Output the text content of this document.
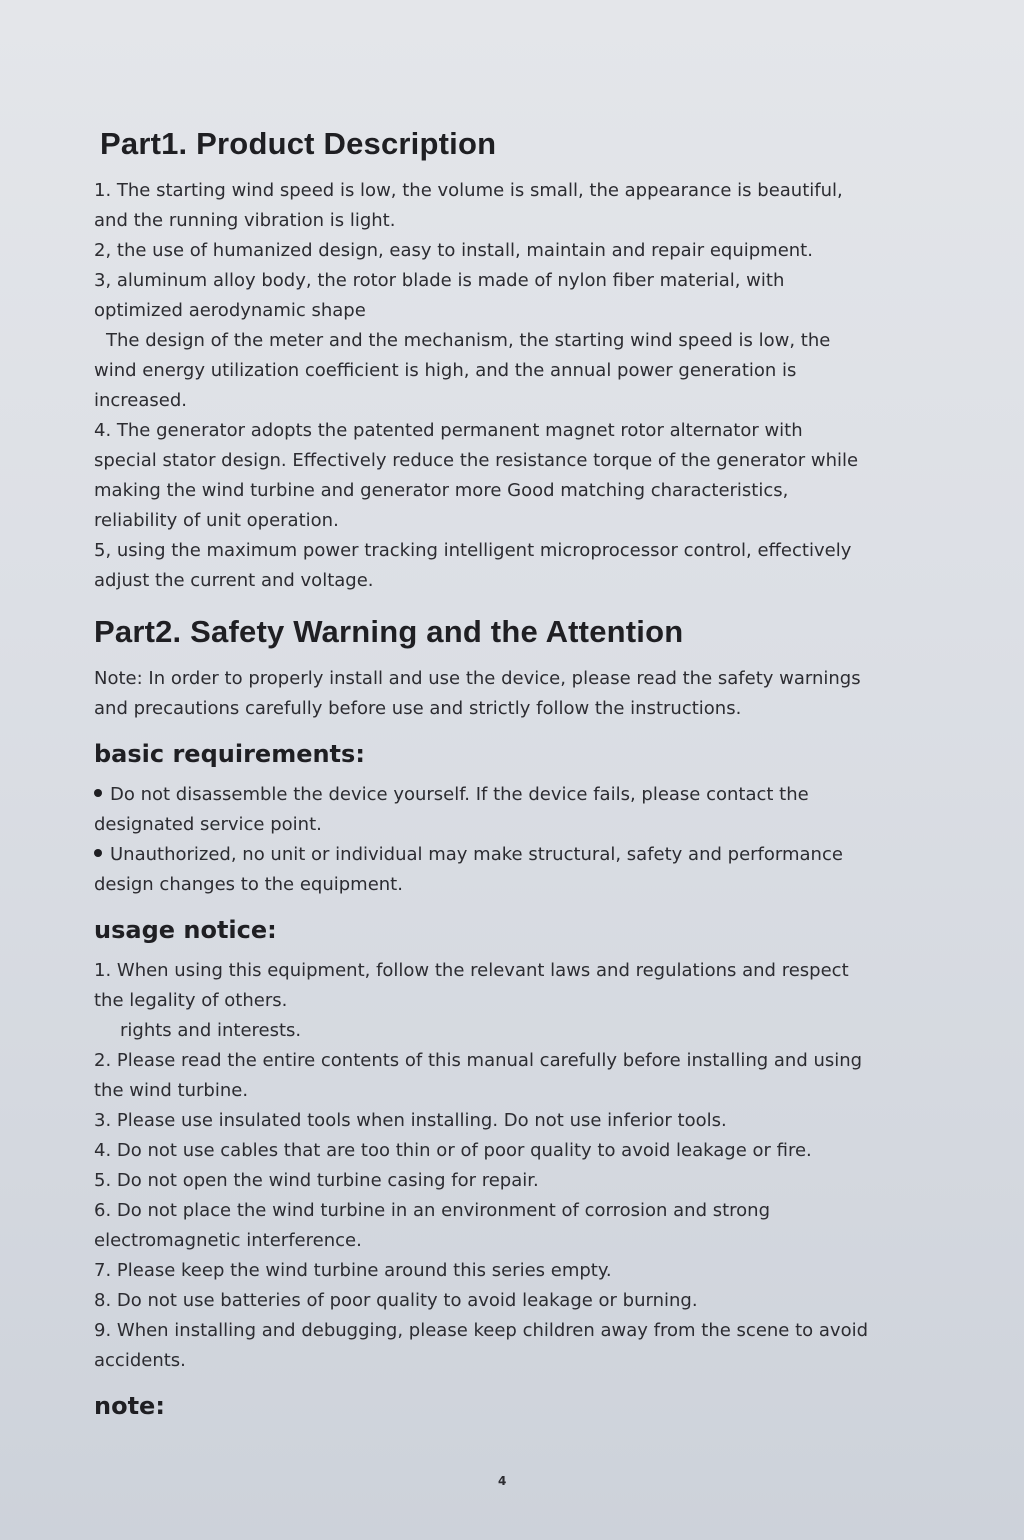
Part1. Product Description

1. The starting wind speed is low, the volume is small, the appearance is beautiful,

and the running vibration is light.

2, the use of humanized design, easy to install, maintain and repair equipment.

3, aluminum alloy body, the rotor blade is made of nylon fiber material, with

optimized aerodynamic shape

The design of the meter and the mechanism, the starting wind speed is low, the

wind energy utilization coefficient is high, and the annual power generation is

increased.

4. The generator adopts the patented permanent magnet rotor alternator with

special stator design. Effectively reduce the resistance torque of the generator while

making the wind turbine and generator more Good matching characteristics,

reliability of unit operation.

5, using the maximum power tracking intelligent microprocessor control, effectively

adjust the current and voltage.

Part2. Safety Warning and the Attention

Note: In order to properly install and use the device, please read the safety warnings

and precautions carefully before use and strictly follow the instructions.

basic requirements:

Do not disassemble the device yourself. If the device fails, please contact the

designated service point.

Unauthorized, no unit or individual may make structural, safety and performance

design changes to the equipment.

usage notice:

1. When using this equipment, follow the relevant laws and regulations and respect

the legality of others.

rights and interests.

2. Please read the entire contents of this manual carefully before installing and using

the wind turbine.

3. Please use insulated tools when installing. Do not use inferior tools.

4. Do not use cables that are too thin or of poor quality to avoid leakage or fire.

5. Do not open the wind turbine casing for repair.

6. Do not place the wind turbine in an environment of corrosion and strong

electromagnetic interference.

7. Please keep the wind turbine around this series empty.

8. Do not use batteries of poor quality to avoid leakage or burning.

9. When installing and debugging, please keep children away from the scene to avoid

accidents.

note:
4
